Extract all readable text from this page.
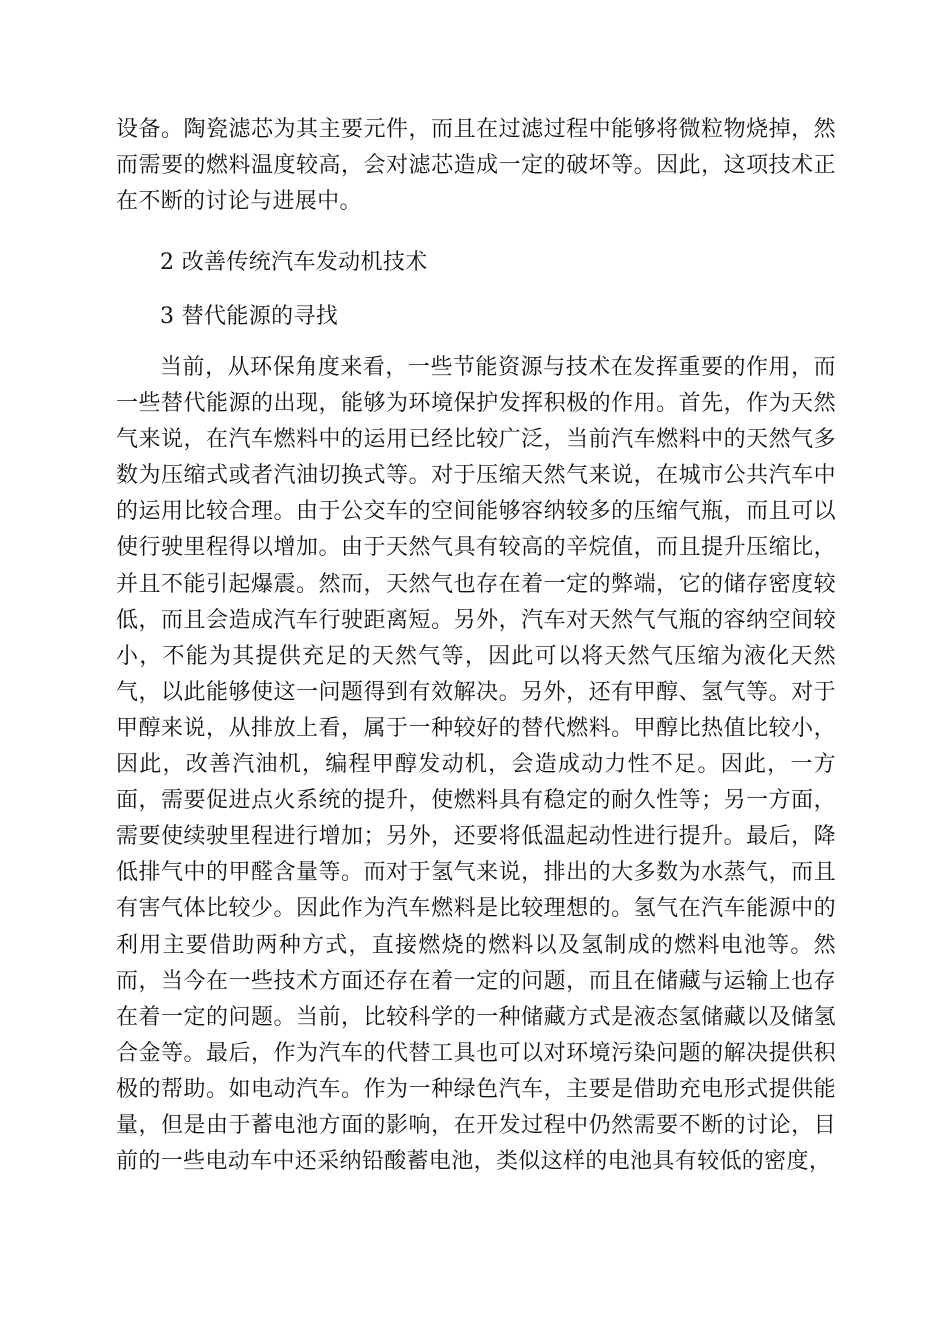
设备。陶瓷滤芯为其主要元件，而且在过滤过程中能够将微粒物烧掉，然而需要的燃料温度较高，会对滤芯造成一定的破坏等。因此，这项技术正在不断的讨论与进展中。

2 改善传统汽车发动机技术

3 替代能源的寻找

当前，从环保角度来看，一些节能资源与技术在发挥重要的作用，而一些替代能源的出现，能够为环境保护发挥积极的作用。首先，作为天然气来说，在汽车燃料中的运用已经比较广泛，当前汽车燃料中的天然气多数为压缩式或者汽油切换式等。对于压缩天然气来说，在城市公共汽车中的运用比较合理。由于公交车的空间能够容纳较多的压缩气瓶，而且可以使行驶里程得以增加。由于天然气具有较高的辛烷值，而且提升压缩比，并且不能引起爆震。然而，天然气也存在着一定的弊端，它的储存密度较低，而且会造成汽车行驶距离短。另外，汽车对天然气气瓶的容纳空间较小，不能为其提供充足的天然气等，因此可以将天然气压缩为液化天然气，以此能够使这一问题得到有效解决。另外，还有甲醇、氢气等。对于甲醇来说，从排放上看，属于一种较好的替代燃料。甲醇比热值比较小，因此，改善汽油机，编程甲醇发动机，会造成动力性不足。因此，一方面，需要促进点火系统的提升，使燃料具有稳定的耐久性等；另一方面，需要使续驶里程进行增加；另外，还要将低温起动性进行提升。最后，降低排气中的甲醛含量等。而对于氢气来说，排出的大多数为水蒸气，而且有害气体比较少。因此作为汽车燃料是比较理想的。氢气在汽车能源中的利用主要借助两种方式，直接燃烧的燃料以及氢制成的燃料电池等。然而，当今在一些技术方面还存在着一定的问题，而且在储藏与运输上也存在着一定的问题。当前，比较科学的一种储藏方式是液态氢储藏以及储氢合金等。最后，作为汽车的代替工具也可以对环境污染问题的解决提供积极的帮助。如电动汽车。作为一种绿色汽车，主要是借助充电形式提供能量，但是由于蓄电池方面的影响，在开发过程中仍然需要不断的讨论，目前的一些电动车中还采纳铅酸蓄电池，类似这样的电池具有较低的密度，
